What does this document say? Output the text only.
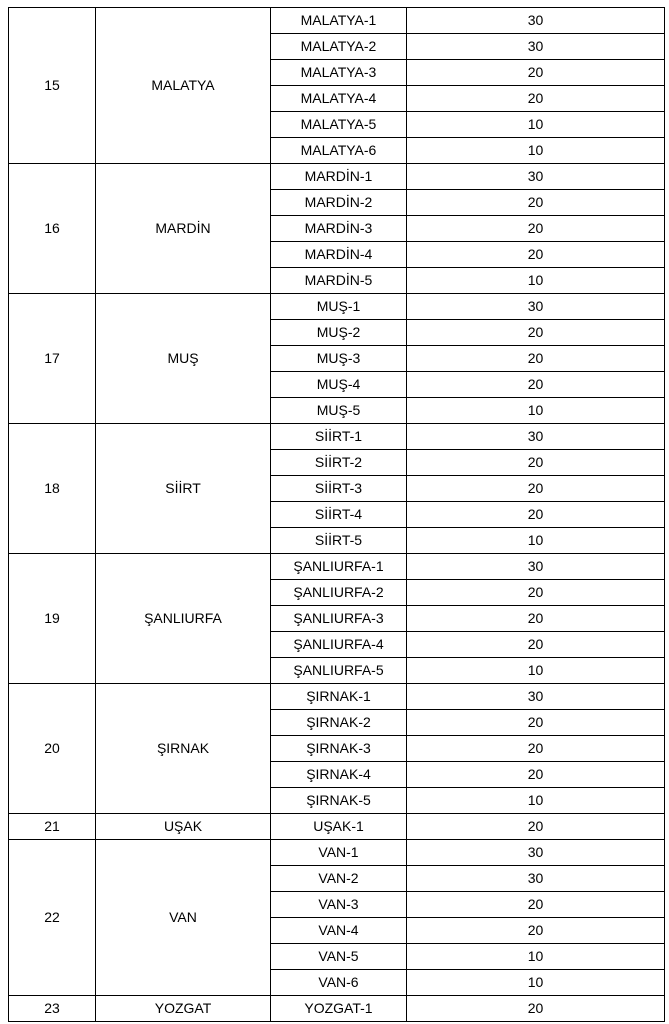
15	MALATYA	MALATYA-1	30
		MALATYA-2	30
		MALATYA-3	20
		MALATYA-4	20
		MALATYA-5	10
		MALATYA-6	10
16	MARDİN	MARDİN-1	30
		MARDİN-2	20
		MARDİN-3	20
		MARDİN-4	20
		MARDİN-5	10
17	MUŞ	MUŞ-1	30
		MUŞ-2	20
		MUŞ-3	20
		MUŞ-4	20
		MUŞ-5	10
18	SİİRT	SİİRT-1	30
		SİİRT-2	20
		SİİRT-3	20
		SİİRT-4	20
		SİİRT-5	10
19	ŞANLIURFA	ŞANLIURFA-1	30
		ŞANLIURFA-2	20
		ŞANLIURFA-3	20
		ŞANLIURFA-4	20
		ŞANLIURFA-5	10
20	ŞIRNAK	ŞIRNAK-1	30
		ŞIRNAK-2	20
		ŞIRNAK-3	20
		ŞIRNAK-4	20
		ŞIRNAK-5	10
21	UŞAK	UŞAK-1	20
22	VAN	VAN-1	30
		VAN-2	30
		VAN-3	20
		VAN-4	20
		VAN-5	10
		VAN-6	10
23	YOZGAT	YOZGAT-1	20
